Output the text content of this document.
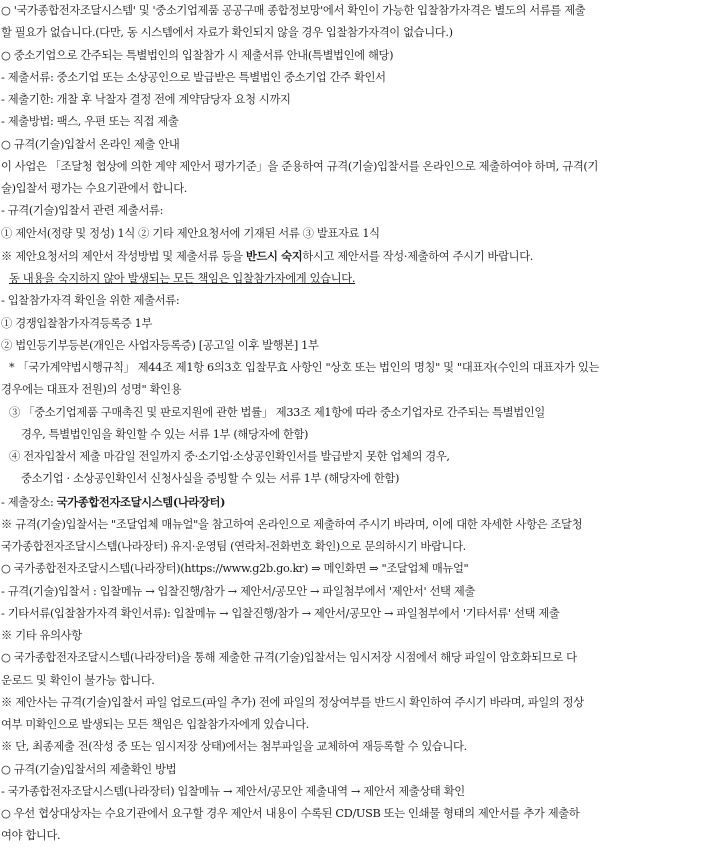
○ '국가종합전자조달시스템' 및 '중소기업제품 공공구매 종합정보망'에서 확인이 가능한 입찰참가자격은 별도의 서류를 제출
할 필요가 없습니다.(다만, 동 시스템에서 자료가 확인되지 않을 경우 입찰참가자격이 없습니다.)
○ 중소기업으로 간주되는 특별법인의 입찰참가 시 제출서류 안내(특별법인에 해당)
- 제출서류: 중소기업 또는 소상공인으로 발급받은 특별법인 중소기업 간주 확인서
- 제출기한: 개찰 후 낙찰자 결정 전에 계약담당자 요청 시까지
- 제출방법: 팩스, 우편 또는 직접 제출
○ 규격(기술)입찰서 온라인 제출 안내
이 사업은 「조달청 협상에 의한 계약 제안서 평가기준」을 준용하여 규격(기술)입찰서를 온라인으로 제출하여야 하며, 규격(기
술)입찰서 평가는 수요기관에서 합니다.
- 규격(기술)입찰서 관련 제출서류:
① 제안서(정량 및 정성) 1식 ② 기타 제안요청서에 기재된 서류 ③ 발표자료 1식
※ 제안요청서의 제안서 작성방법 및 제출서류 등을 반드시 숙지하시고 제안서를 작성·제출하여 주시기 바랍니다.
동 내용을 숙지하지 않아 발생되는 모든 책임은 입찰참가자에게 있습니다.
- 입찰참가자격 확인을 위한 제출서류:
① 경쟁입찰참가자격등록증 1부
② 법인등기부등본(개인은 사업자등록증) [공고일 이후 발행본] 1부
* 「국가계약법시행규칙」 제44조 제1항 6의3호 입찰무효 사항인 "상호 또는 법인의 명칭" 및 "대표자(수인의 대표자가 있는
경우에는 대표자 전원)의 성명" 확인용
③ 「중소기업제품 구매촉진 및 판로지원에 관한 법률」 제33조 제1항에 따라 중소기업자로 간주되는 특별법인일
경우, 특별법인임을 확인할 수 있는 서류 1부 (해당자에 한함)
④ 전자입찰서 제출 마감일 전일까지 중·소기업·소상공인확인서를 발급받지 못한 업체의 경우,
중소기업 · 소상공인확인서 신청사실을 증빙할 수 있는 서류 1부 (해당자에 한함)
- 제출장소: 국가종합전자조달시스템(나라장터)
※ 규격(기술)입찰서는 "조달업체 매뉴얼"을 참고하여 온라인으로 제출하여 주시기 바라며, 이에 대한 자세한 사항은 조달청
국가종합전자조달시스템(나라장터) 유지·운영팀 (연락처-전화번호 확인)으로 문의하시기 바랍니다.
○ 국가종합전자조달시스템(나라장터)(https://www.g2b.go.kr) ⇒ 메인화면 ⇒ "조달업체 매뉴얼"
- 규격(기술)입찰서 : 입찰메뉴 → 입찰진행/참가 → 제안서/공모안 → 파일첨부에서 '제안서' 선택 제출
- 기타서류(입찰참가자격 확인서류): 입찰메뉴 → 입찰진행/참가 → 제안서/공모안 → 파일첨부에서 '기타서류' 선택 제출
※ 기타 유의사항
○ 국가종합전자조달시스템(나라장터)을 통해 제출한 규격(기술)입찰서는 임시저장 시점에서 해당 파일이 암호화되므로 다
운로드 및 확인이 불가능 합니다.
※ 제안사는 규격(기술)입찰서 파일 업로드(파일 추가) 전에 파일의 정상여부를 반드시 확인하여 주시기 바라며, 파일의 정상
여부 미확인으로 발생되는 모든 책임은 입찰참가자에게 있습니다.
※ 단, 최종제출 전(작성 중 또는 임시저장 상태)에서는 첨부파일을 교체하여 재등록할 수 있습니다.
○ 규격(기술)입찰서의 제출확인 방법
- 국가종합전자조달시스템(나라장터) 입찰메뉴 → 제안서/공모안 제출내역 → 제안서 제출상태 확인
○ 우선 협상대상자는 수요기관에서 요구할 경우 제안서 내용이 수록된 CD/USB 또는 인쇄물 형태의 제안서를 추가 제출하
여야 합니다.
